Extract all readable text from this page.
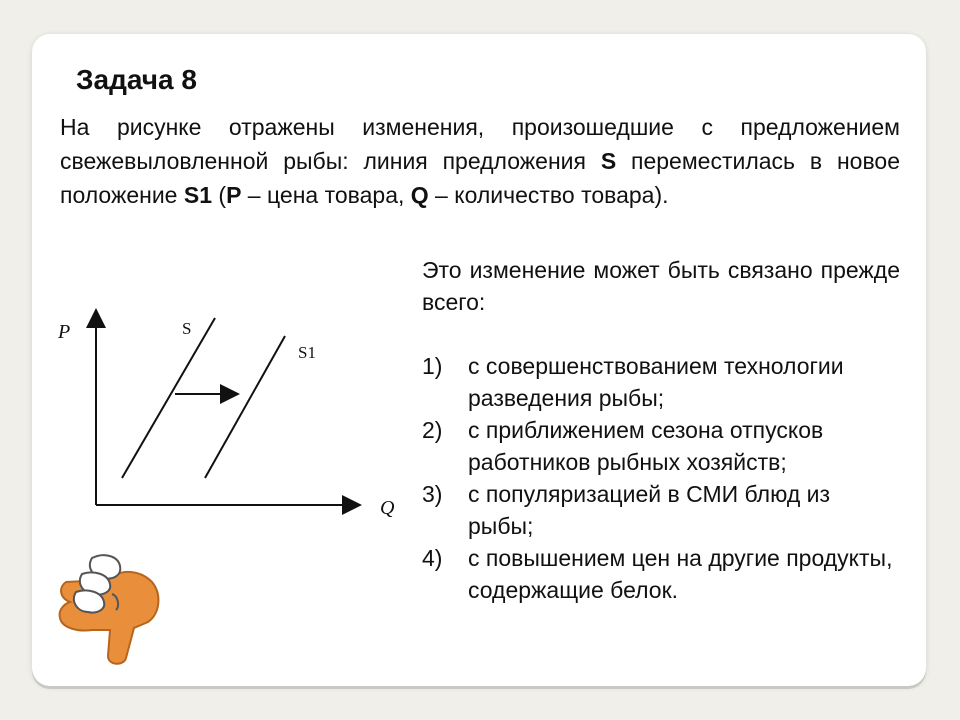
Задача 8
На рисунке отражены изменения, произошедшие с предложением свежевыловленной рыбы: линия предложения S переместилась в новое положение S1 (P – цена товара, Q – количество товара).
Это изменение может быть связано прежде всего:
1) с совершенствованием технологии разведения рыбы;
2) с приближением сезона отпусков работников рыбных хозяйств;
3) с популяризацией в СМИ блюд из рыбы;
4) с повышением цен на другие продукты, содержащие белок.
P
Q
S
S1
